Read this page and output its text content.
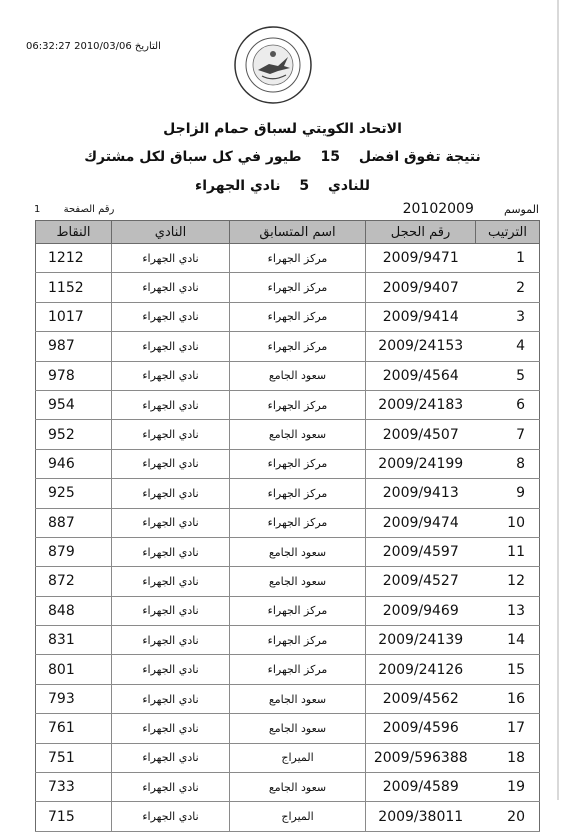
التاريخ 06:32:27 2010/03/06
الاتحاد الكويتي لسباق حمام الزاجل
نتيجة تفوق افضل 15 طيور في كل سباق لكل مشترك
للنادي 5 نادي الجهراء
الموسم 20102009
رقم الصفحة 1
الترتيب	رقم الحجل	اسم المتسابق	النادي	النقاط
1	2009/9471	مركز الجهراء	نادي الجهراء	1212
2	2009/9407	مركز الجهراء	نادي الجهراء	1152
3	2009/9414	مركز الجهراء	نادي الجهراء	1017
4	2009/24153	مركز الجهراء	نادي الجهراء	987
5	2009/4564	سعود الجامع	نادي الجهراء	978
6	2009/24183	مركز الجهراء	نادي الجهراء	954
7	2009/4507	سعود الجامع	نادي الجهراء	952
8	2009/24199	مركز الجهراء	نادي الجهراء	946
9	2009/9413	مركز الجهراء	نادي الجهراء	925
10	2009/9474	مركز الجهراء	نادي الجهراء	887
11	2009/4597	سعود الجامع	نادي الجهراء	879
12	2009/4527	سعود الجامع	نادي الجهراء	872
13	2009/9469	مركز الجهراء	نادي الجهراء	848
14	2009/24139	مركز الجهراء	نادي الجهراء	831
15	2009/24126	مركز الجهراء	نادي الجهراء	801
16	2009/4562	سعود الجامع	نادي الجهراء	793
17	2009/4596	سعود الجامع	نادي الجهراء	761
18	2009/596388	الميراج	نادي الجهراء	751
19	2009/4589	سعود الجامع	نادي الجهراء	733
20	2009/38011	الميراج	نادي الجهراء	715
